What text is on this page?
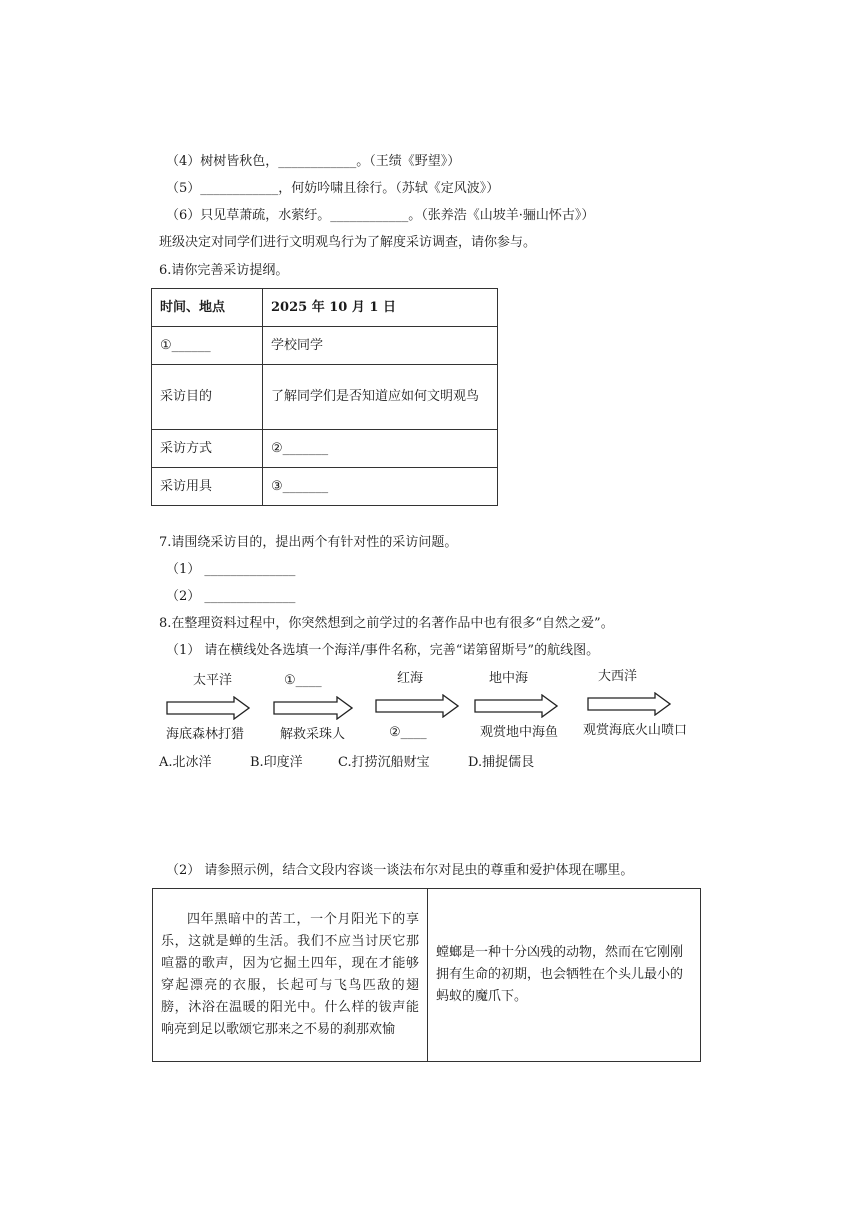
（4）树树皆秋色，____________。（王绩《野望》）
（5）____________，何妨吟啸且徐行。（苏轼《定风波》）
（6）只见草萧疏，水萦纡。____________。（张养浩《山坡羊·骊山怀古》）
班级决定对同学们进行文明观鸟行为了解度采访调查，请你参与。
6.请你完善采访提纲。
时间、地点	2025 年 10 月 1 日
①______	学校同学
采访目的	了解同学们是否知道应如何文明观鸟
采访方式	②_______
采访用具	③_______
7.请围绕采访目的，提出两个有针对性的采访问题。
（1） ______________
（2） ______________
8.在整理资料过程中，你突然想到之前学过的名著作品中也有很多“自然之爱”。
（1） 请在横线处各选填一个海洋/事件名称，完善“诺第留斯号”的航线图。
太平洋	①____	红海	地中海	大西洋
海底森林打猎	解救采珠人	②____	观赏地中海鱼 观赏海底火山喷口
A.北冰洋	B.印度洋	C.打捞沉船财宝	D.捕捉儒艮
（2） 请参照示例，结合文段内容谈一谈法布尔对昆虫的尊重和爱护体现在哪里。
四年黑暗中的苦工，一个月阳光下的享乐，这就是蝉的生活。我们不应当讨厌它那喧嚣的歌声，因为它掘土四年，现在才能够穿起漂亮的衣服，长起可与飞鸟匹敌的翅膀，沐浴在温暖的阳光中。什么样的钹声能响亮到足以歌颂它那来之不易的刹那欢愉

螳螂是一种十分凶残的动物，然而在它刚刚拥有生命的初期，也会牺牲在个头儿最小的蚂蚁的魔爪下。
